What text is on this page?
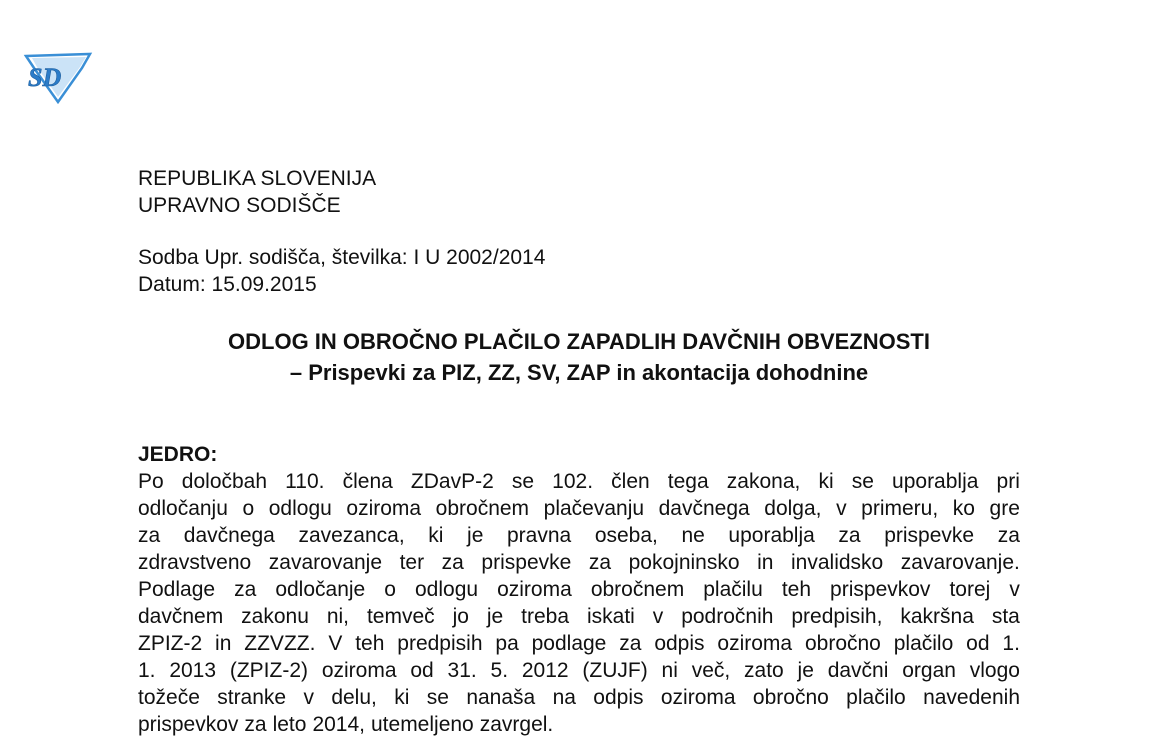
SD
REPUBLIKA SLOVENIJA
UPRAVNO SODIŠČE
Sodba Upr. sodišča, številka: I U 2002/2014
Datum: 15.09.2015
ODLOG IN OBROČNO PLAČILO ZAPADLIH DAVČNIH OBVEZNOSTI
– Prispevki za PIZ, ZZ, SV, ZAP in akontacija dohodnine
JEDRO:
Po določbah 110. člena ZDavP-2 se 102. člen tega zakona, ki se uporablja pri
odločanju o odlogu oziroma obročnem plačevanju davčnega dolga, v primeru, ko gre
za davčnega zavezanca, ki je pravna oseba, ne uporablja za prispevke za
zdravstveno zavarovanje ter za prispevke za pokojninsko in invalidsko zavarovanje.
Podlage za odločanje o odlogu oziroma obročnem plačilu teh prispevkov torej v
davčnem zakonu ni, temveč jo je treba iskati v področnih predpisih, kakršna sta
ZPIZ-2 in ZZVZZ. V teh predpisih pa podlage za odpis oziroma obročno plačilo od 1.
1. 2013 (ZPIZ-2) oziroma od 31. 5. 2012 (ZUJF) ni več, zato je davčni organ vlogo
tožeče stranke v delu, ki se nanaša na odpis oziroma obročno plačilo navedenih
prispevkov za leto 2014, utemeljeno zavrgel.
